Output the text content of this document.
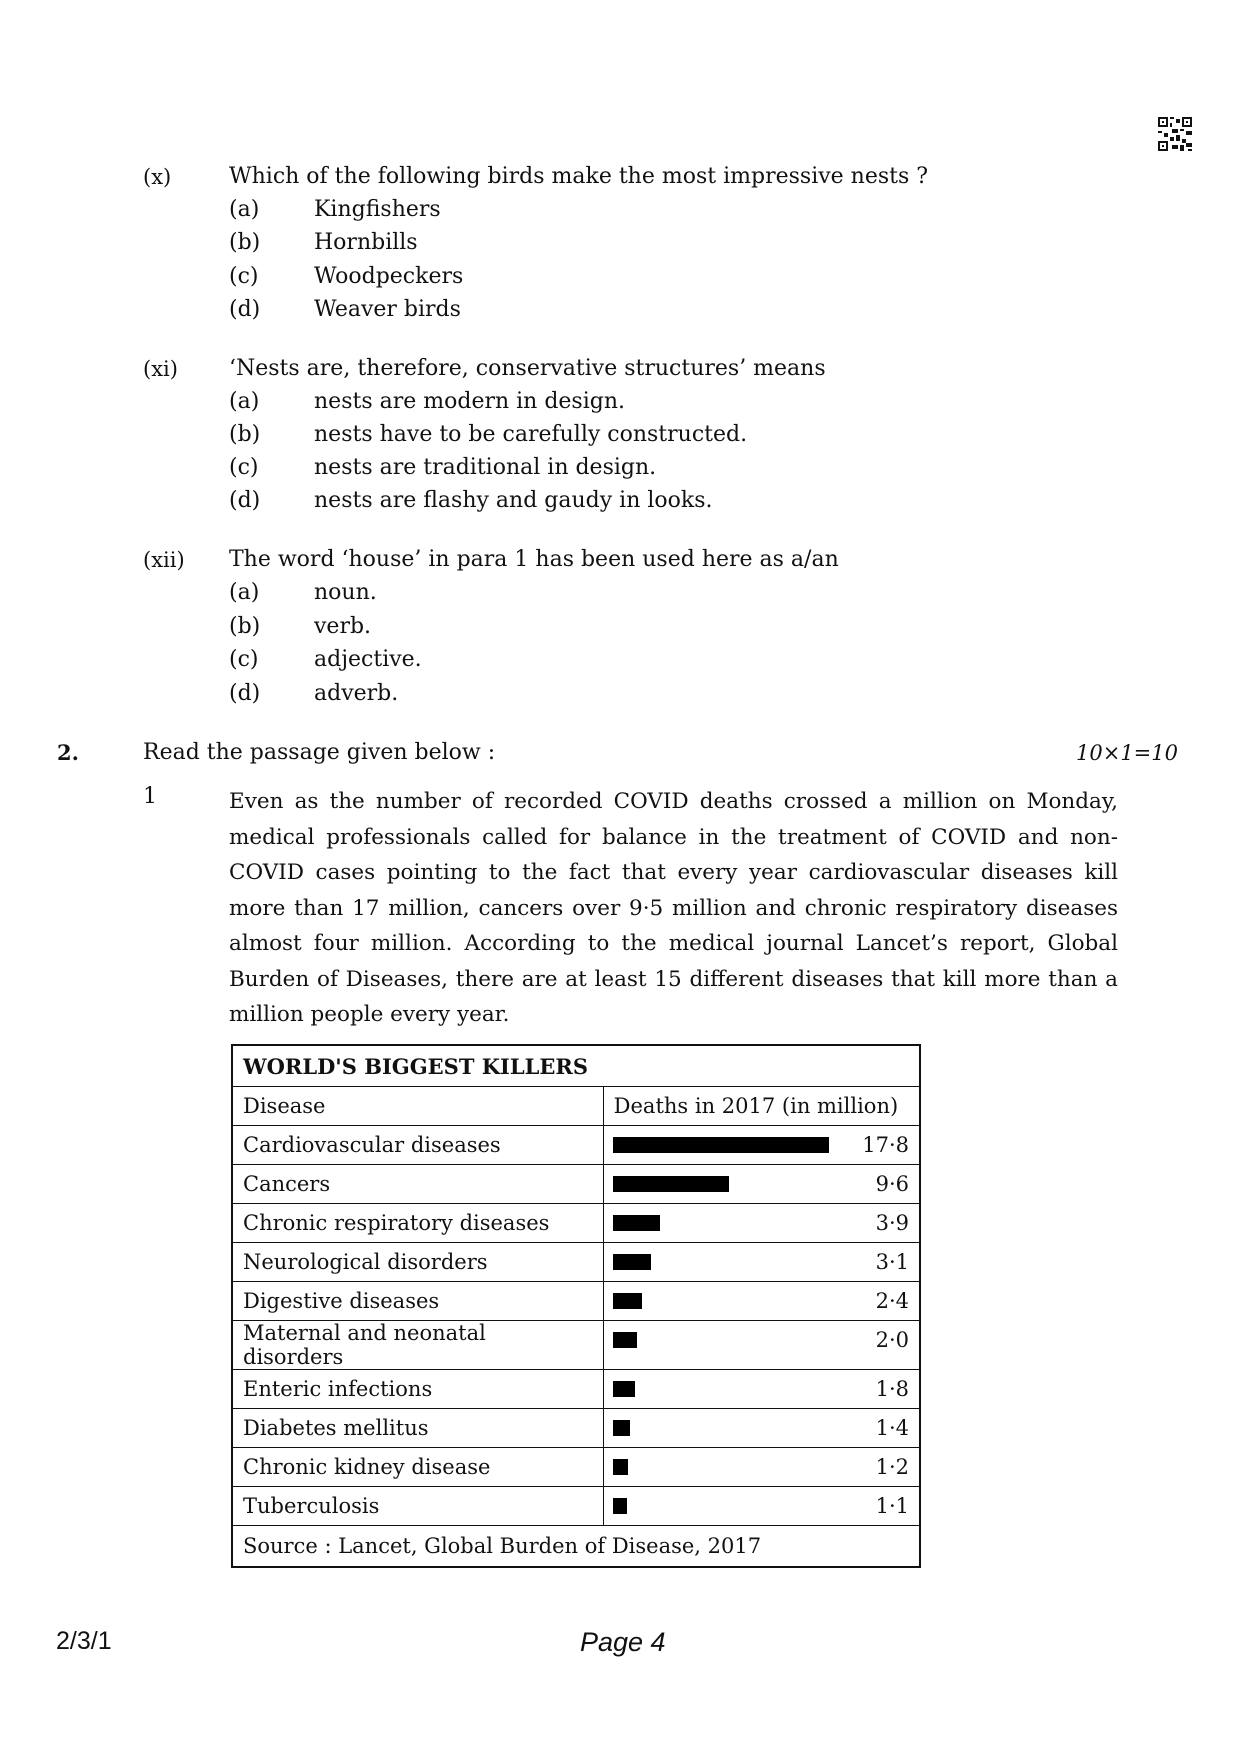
(x)	Which of the following birds make the most impressive nests ?
(a) Kingfishers
(b) Hornbills
(c)	Woodpeckers
(d) Weaver birds
(xi) ‘Nests are, therefore, conservative structures’ means
(a) nests are modern in design.
(b) nests have to be carefully constructed.
(c)	nests are traditional in design.
(d) nests are flashy and gaudy in looks.
(xii) The word ‘house’ in para 1 has been used here as a/an
(a) noun.
(b) verb.
(c)	adjective.
(d) adverb.
2.	Read the passage given below :	10×1=10
1	Even as the number of recorded COVID deaths crossed a million on Monday, medical professionals called for balance in the treatment of COVID and non-COVID cases pointing to the fact that every year cardiovascular diseases kill more than 17 million, cancers over 9·5 million and chronic respiratory diseases almost four million. According to the medical journal Lancet’s report, Global Burden of Diseases, there are at least 15 different diseases that kill more than a million people every year.
WORLD'S BIGGEST KILLERS	
Disease	Deaths in 2017 (in million)
Cardiovascular diseases	17·8

Cancers	9·6

Chronic respiratory diseases	3·9

Neurological disorders	3·1

Digestive diseases	2·4

Maternal and neonatal disorders	2·0

Enteric infections	1·8

Diabetes mellitus	1·4

Chronic kidney disease	1·2

Tuberculosis	1·1

Source : Lancet, Global Burden of Disease, 2017	
2/3/1	Page 4
